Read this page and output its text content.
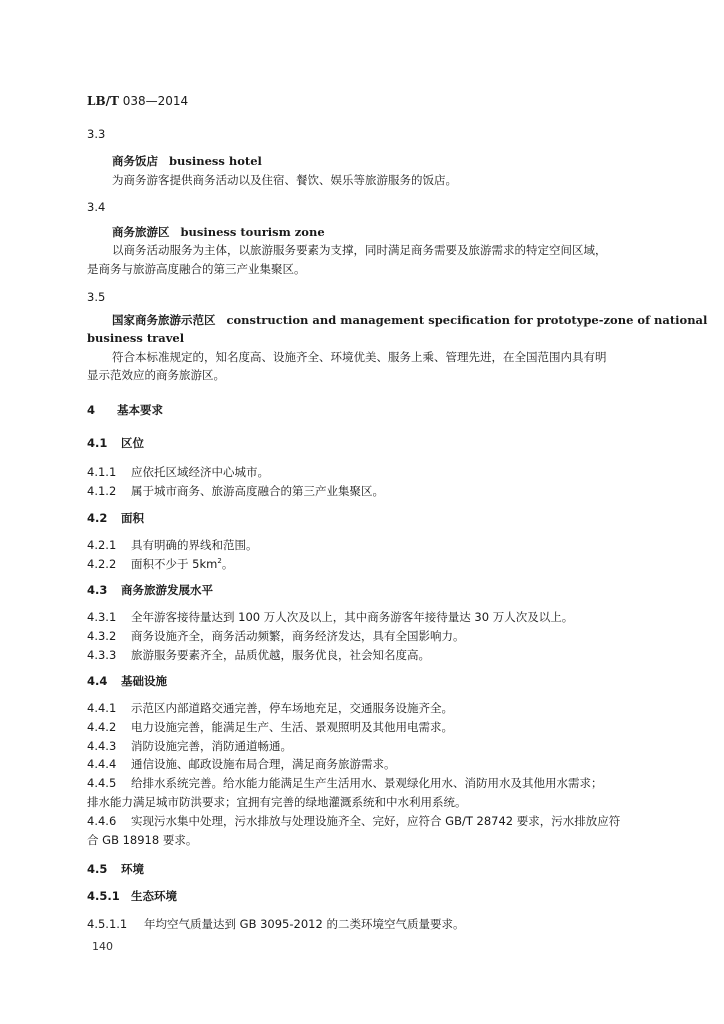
LB/T 038—2014
3.3
商务饭店 business hotel
为商务游客提供商务活动以及住宿、餐饮、娱乐等旅游服务的饭店。
3.4
商务旅游区 business tourism zone
以商务活动服务为主体，以旅游服务要素为支撑，同时满足商务需要及旅游需求的特定空间区域，
是商务与旅游高度融合的第三产业集聚区。
3.5
国家商务旅游示范区 construction and management specification for prototype-zone of national
business travel
符合本标准规定的，知名度高、设施齐全、环境优美、服务上乘、管理先进，在全国范围内具有明
显示范效应的商务旅游区。
4 基本要求
4.1 区位
4.1.1 应依托区域经济中心城市。
4.1.2 属于城市商务、旅游高度融合的第三产业集聚区。
4.2 面积
4.2.1 具有明确的界线和范围。
4.2.2 面积不少于 $5km^2$。
4.3 商务旅游发展水平
4.3.1 全年游客接待量达到 100 万人次及以上，其中商务游客年接待量达 30 万人次及以上。
4.3.2 商务设施齐全，商务活动频繁，商务经济发达，具有全国影响力。
4.3.3 旅游服务要素齐全，品质优越，服务优良，社会知名度高。
4.4 基础设施
4.4.1 示范区内部道路交通完善，停车场地充足，交通服务设施齐全。
4.4.2 电力设施完善，能满足生产、生活、景观照明及其他用电需求。
4.4.3 消防设施完善，消防通道畅通。
4.4.4 通信设施、邮政设施布局合理，满足商务旅游需求。
4.4.5 给排水系统完善。给水能力能满足生产生活用水、景观绿化用水、消防用水及其他用水需求；
排水能力满足城市防洪要求；宜拥有完善的绿地灌溉系统和中水利用系统。
4.4.6 实现污水集中处理，污水排放与处理设施齐全、完好，应符合 GB/T 28742 要求，污水排放应符
合 GB 18918 要求。
4.5 环境
4.5.1 生态环境
4.5.1.1 年均空气质量达到 GB 3095-2012 的二类环境空气质量要求。
140
